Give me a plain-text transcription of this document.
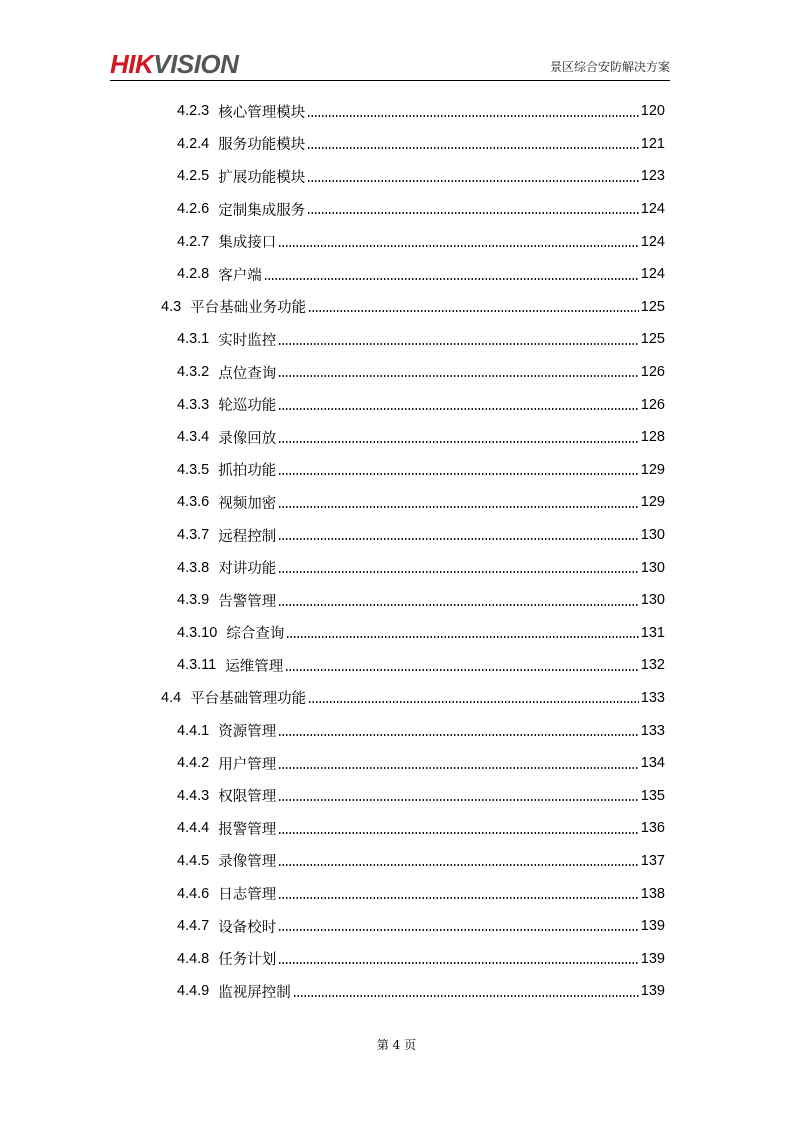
HIKVISION	景区综合安防解决方案
4.2.3 核心管理模块	120
4.2.4 服务功能模块	121
4.2.5 扩展功能模块	123
4.2.6 定制集成服务	124
4.2.7 集成接口	124
4.2.8 客户端	124
4.3 平台基础业务功能	125
4.3.1 实时监控	125
4.3.2 点位查询	126
4.3.3 轮巡功能	126
4.3.4 录像回放	128
4.3.5 抓拍功能	129
4.3.6 视频加密	129
4.3.7 远程控制	130
4.3.8 对讲功能	130
4.3.9 告警管理	130
4.3.10 综合查询	131
4.3.11 运维管理	132
4.4 平台基础管理功能	133
4.4.1 资源管理	133
4.4.2 用户管理	134
4.4.3 权限管理	135
4.4.4 报警管理	136
4.4.5 录像管理	137
4.4.6 日志管理	138
4.4.7 设备校时	139
4.4.8 任务计划	139
4.4.9 监视屏控制	139
第 4 页
